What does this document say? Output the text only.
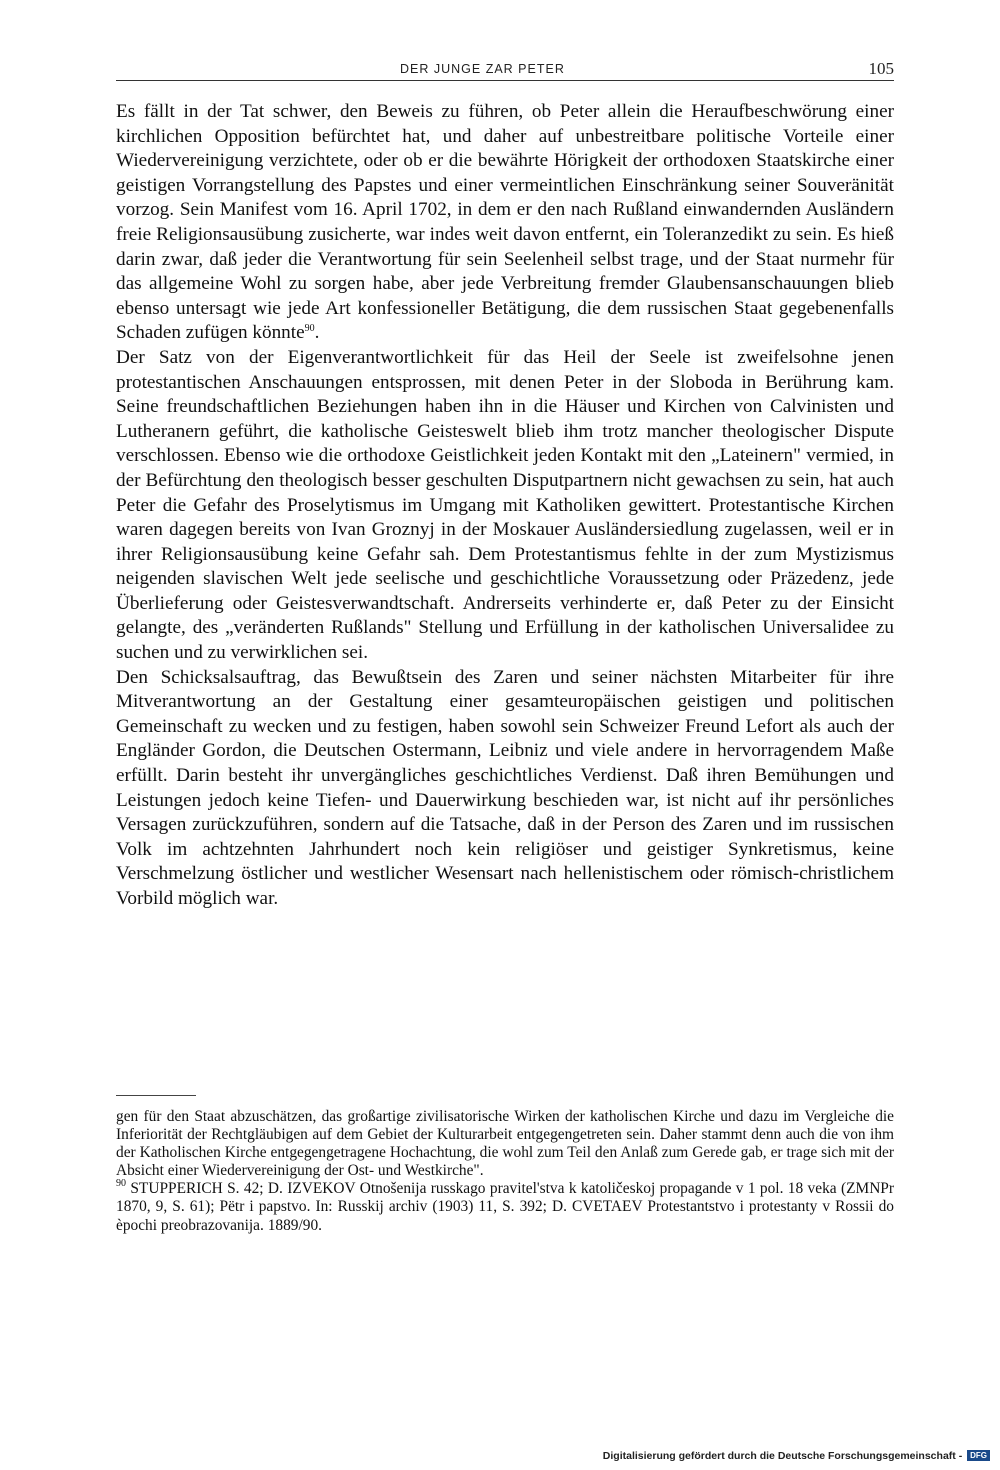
DER JUNGE ZAR PETER	105

Es fällt in der Tat schwer, den Beweis zu führen, ob Peter allein die Heraufbeschwörung einer kirchlichen Opposition befürchtet hat, und daher auf unbestreitbare politische Vorteile einer Wiedervereinigung verzichtete, oder ob er die bewährte Hörigkeit der orthodoxen Staatskirche einer geistigen Vorrangstellung des Papstes und einer vermeintlichen Einschränkung seiner Souveränität vorzog. Sein Manifest vom 16. April 1702, in dem er den nach Rußland einwandernden Ausländern freie Religionsausübung zusicherte, war indes weit davon entfernt, ein Toleranzedikt zu sein. Es hieß darin zwar, daß jeder die Verantwortung für sein Seelenheil selbst trage, und der Staat nurmehr für das allgemeine Wohl zu sorgen habe, aber jede Verbreitung fremder Glaubensanschauungen blieb ebenso untersagt wie jede Art konfessioneller Betätigung, die dem russischen Staat gegebenenfalls Schaden zufügen könnte$^{90}$.

Der Satz von der Eigenverantwortlichkeit für das Heil der Seele ist zweifelsohne jenen protestantischen Anschauungen entsprossen, mit denen Peter in der Sloboda in Berührung kam. Seine freundschaftlichen Beziehungen haben ihn in die Häuser und Kirchen von Calvinisten und Lutheranern geführt, die katholische Geisteswelt blieb ihm trotz mancher theologischer Dispute verschlossen. Ebenso wie die orthodoxe Geistlichkeit jeden Kontakt mit den „Lateinern" vermied, in der Befürchtung den theologisch besser geschulten Disputpartnern nicht gewachsen zu sein, hat auch Peter die Gefahr des Proselytismus im Umgang mit Katholiken gewittert. Protestantische Kirchen waren dagegen bereits von Ivan Groznyj in der Moskauer Ausländersiedlung zugelassen, weil er in ihrer Religionsausübung keine Gefahr sah. Dem Protestantismus fehlte in der zum Mystizismus neigenden slavischen Welt jede seelische und geschichtliche Voraussetzung oder Präzedenz, jede Überlieferung oder Geistesverwandtschaft. Andrerseits verhinderte er, daß Peter zu der Einsicht gelangte, des „veränderten Rußlands" Stellung und Erfüllung in der katholischen Universalidee zu suchen und zu verwirklichen sei.

Den Schicksalsauftrag, das Bewußtsein des Zaren und seiner nächsten Mitarbeiter für ihre Mitverantwortung an der Gestaltung einer gesamteuropäischen geistigen und politischen Gemeinschaft zu wecken und zu festigen, haben sowohl sein Schweizer Freund Lefort als auch der Engländer Gordon, die Deutschen Ostermann, Leibniz und viele andere in hervorragendem Maße erfüllt. Darin besteht ihr unvergängliches geschichtliches Verdienst. Daß ihren Bemühungen und Leistungen jedoch keine Tiefen- und Dauerwirkung beschieden war, ist nicht auf ihr persönliches Versagen zurückzuführen, sondern auf die Tatsache, daß in der Person des Zaren und im russischen Volk im achtzehnten Jahrhundert noch kein religiöser und geistiger Synkretismus, keine Verschmelzung östlicher und westlicher Wesensart nach hellenistischem oder römisch-christlichem Vorbild möglich war.

gen für den Staat abzuschätzen, das großartige zivilisatorische Wirken der katholischen Kirche und dazu im Vergleiche die Inferiorität der Rechtgläubigen auf dem Gebiet der Kulturarbeit entgegengetreten sein. Daher stammt denn auch die von ihm der Katholischen Kirche entgegengetragene Hochachtung, die wohl zum Teil den Anlaß zum Gerede gab, er trage sich mit der Absicht einer Wiedervereinigung der Ost- und Westkirche".

$^{90}$ STUPPERICH S. 42; D. IZVEKOV Otnošenija russkago pravitel'stva k katoličeskoj propagande v 1 pol. 18 veka (ZMNPr 1870, 9, S. 61); Pëtr i papstvo. In: Russkij archiv (1903) 11, S. 392; D. CVETAEV Protestantstvo i protestanty v Rossii do èpochi preobrazovanija. 1889/90.

Digitalisierung gefördert durch die Deutsche Forschungsgemeinschaft - DFG
